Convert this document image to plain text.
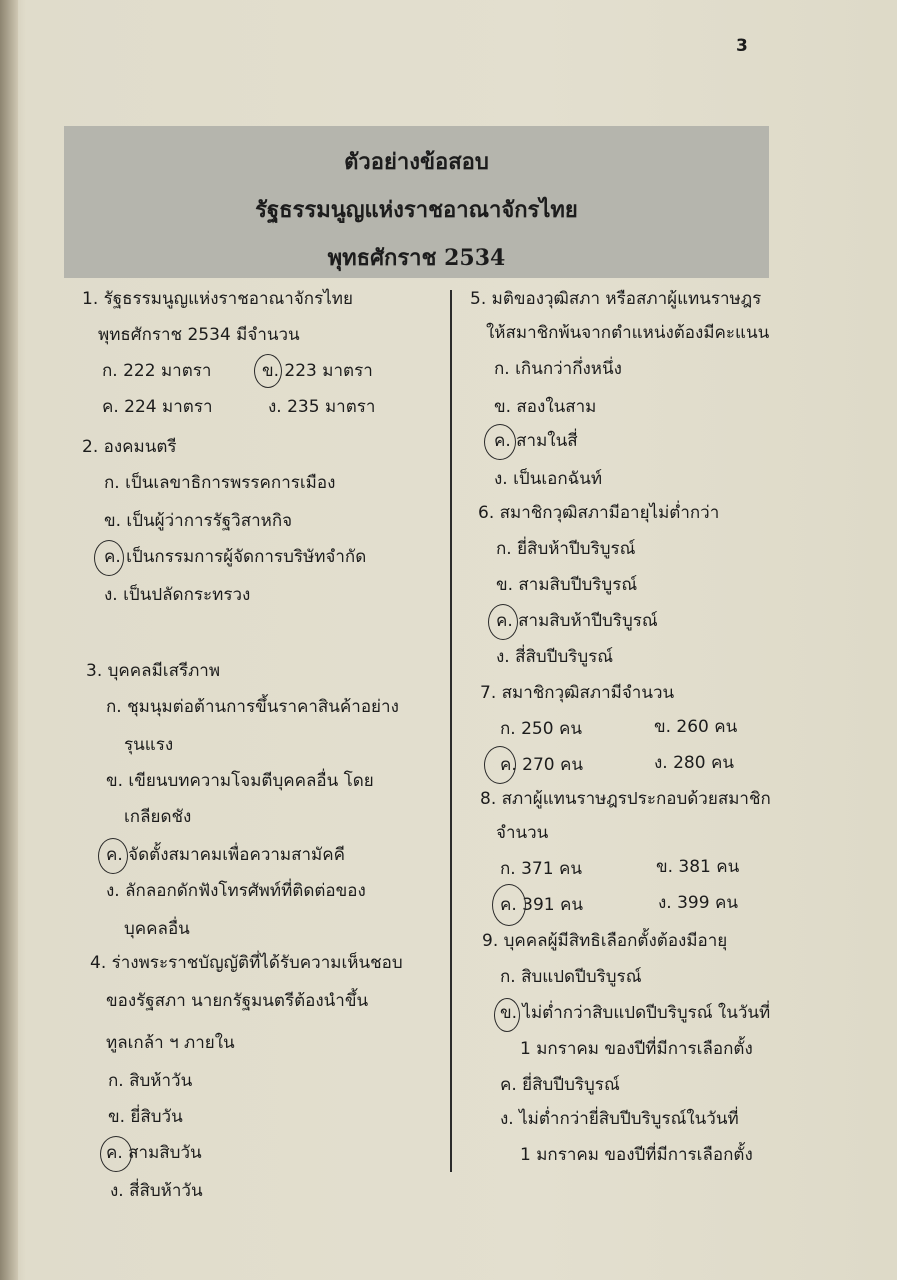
3
ตัวอย่างข้อสอบ
รัฐธรรมนูญแห่งราชอาณาจักรไทย
พุทธศักราช 2534
1. รัฐธรรมนูญแห่งราชอาณาจักรไทย
พุทธศักราช 2534 มีจำนวน
ก. 222 มาตรา	ข. 223 มาตรา
ค. 224 มาตรา	ง. 235 มาตรา
2. องคมนตรี
ก. เป็นเลขาธิการพรรคการเมือง
ข. เป็นผู้ว่าการรัฐวิสาหกิจ
ค. เป็นกรรมการผู้จัดการบริษัทจำกัด
ง. เป็นปลัดกระทรวง
3. บุคคลมีเสรีภาพ
ก. ชุมนุมต่อต้านการขึ้นราคาสินค้าอย่าง
รุนแรง
ข. เขียนบทความโจมตีบุคคลอื่น โดย
เกลียดชัง
ค. จัดตั้งสมาคมเพื่อความสามัคคี
ง. ลักลอกดักฟังโทรศัพท์ที่ติดต่อของ
บุคคลอื่น
4. ร่างพระราชบัญญัติที่ได้รับความเห็นชอบ
ของรัฐสภา นายกรัฐมนตรีต้องนำขึ้น
ทูลเกล้า ฯ ภายใน
ก. สิบห้าวัน
ข. ยี่สิบวัน
ค. สามสิบวัน
ง. สี่สิบห้าวัน
5. มติของวุฒิสภา หรือสภาผู้แทนราษฎร
ให้สมาชิกพ้นจากตำแหน่งต้องมีคะแนน
ก. เกินกว่ากึ่งหนึ่ง
ข. สองในสาม
ค. สามในสี่
ง. เป็นเอกฉันท์
6. สมาชิกวุฒิสภามีอายุไม่ต่ำกว่า
ก. ยี่สิบห้าปีบริบูรณ์
ข. สามสิบปีบริบูรณ์
ค. สามสิบห้าปีบริบูรณ์
ง. สี่สิบปีบริบูรณ์
7. สมาชิกวุฒิสภามีจำนวน
ก. 250 คน	ข. 260 คน
ค. 270 คน	ง. 280 คน
8. สภาผู้แทนราษฎรประกอบด้วยสมาชิก
จำนวน
ก. 371 คน	ข. 381 คน
ค. 391 คน	ง. 399 คน
9. บุคคลผู้มีสิทธิเลือกตั้งต้องมีอายุ
ก. สิบแปดปีบริบูรณ์
ข. ไม่ต่ำกว่าสิบแปดปีบริบูรณ์ ในวันที่
1 มกราคม ของปีที่มีการเลือกตั้ง
ค. ยี่สิบปีบริบูรณ์
ง. ไม่ต่ำกว่ายี่สิบปีบริบูรณ์ในวันที่
1 มกราคม ของปีที่มีการเลือกตั้ง
